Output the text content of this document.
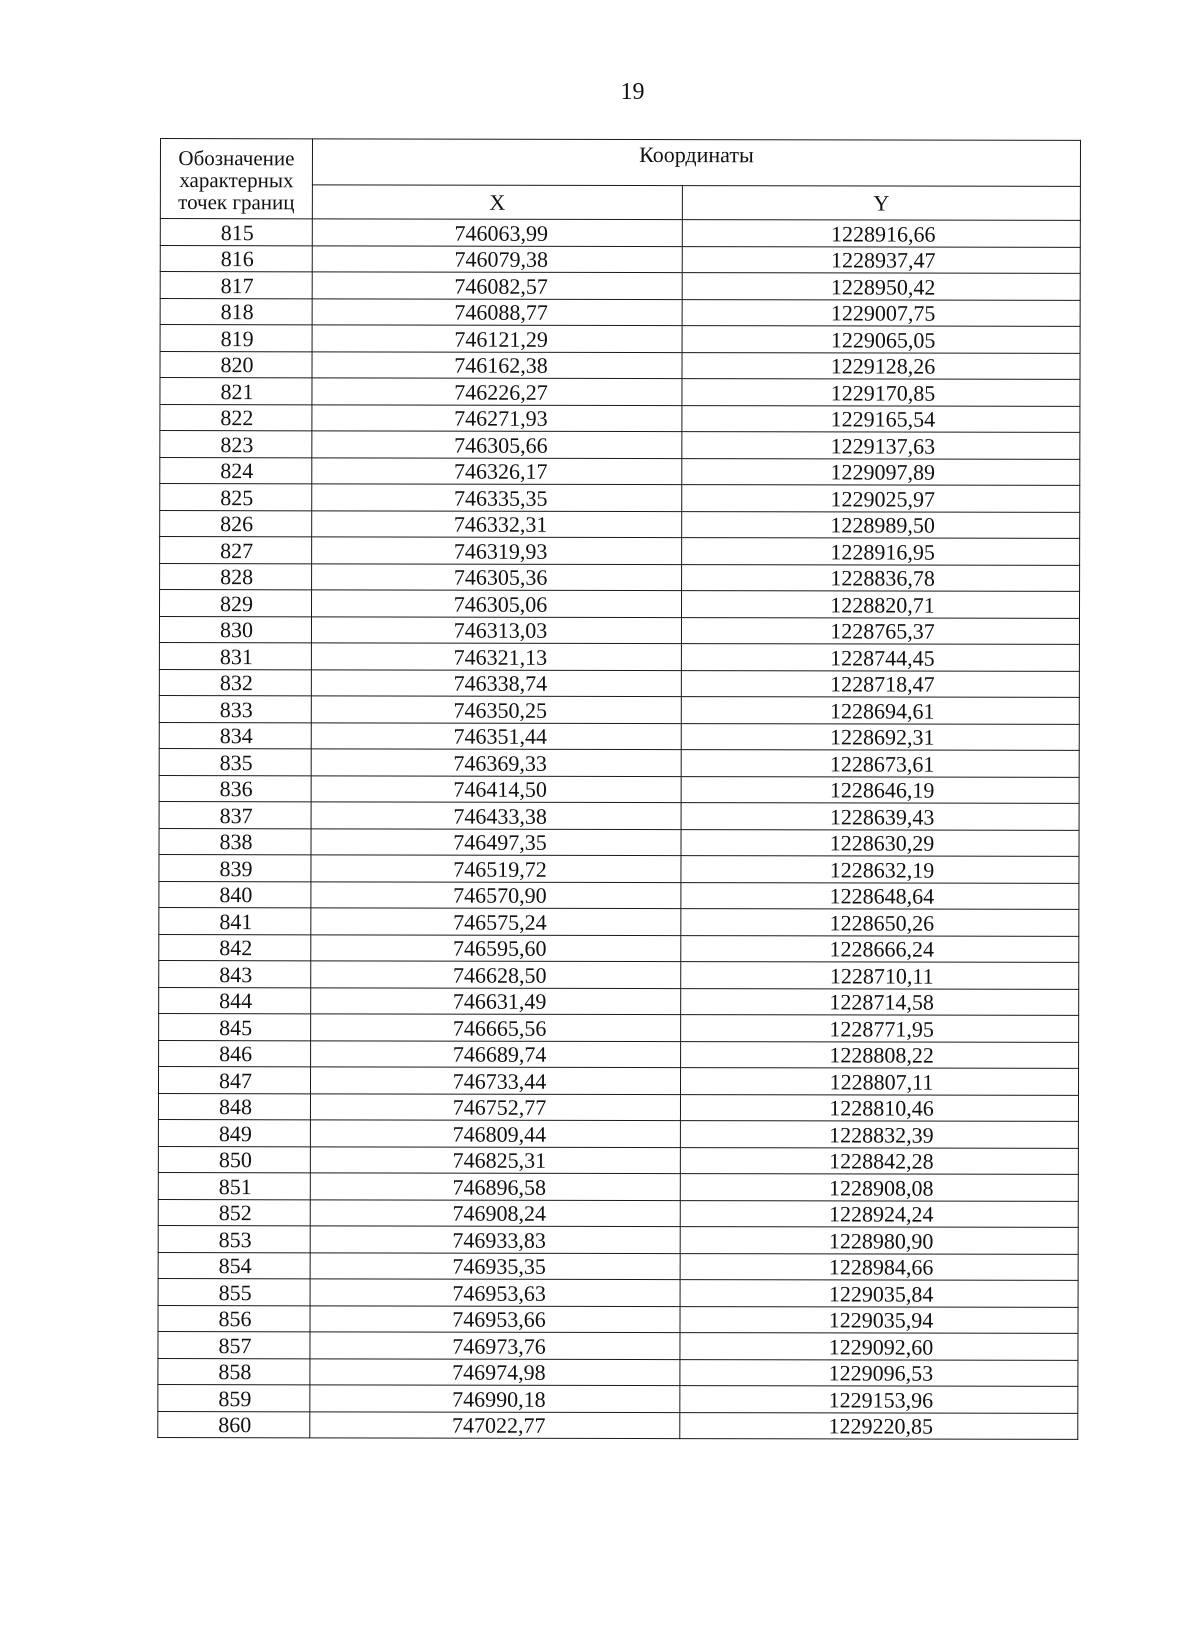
19
Обозначение характерных точек границ	Координаты	
	X	Y
815	746063,99	1228916,66
816	746079,38	1228937,47
817	746082,57	1228950,42
818	746088,77	1229007,75
819	746121,29	1229065,05
820	746162,38	1229128,26
821	746226,27	1229170,85
822	746271,93	1229165,54
823	746305,66	1229137,63
824	746326,17	1229097,89
825	746335,35	1229025,97
826	746332,31	1228989,50
827	746319,93	1228916,95
828	746305,36	1228836,78
829	746305,06	1228820,71
830	746313,03	1228765,37
831	746321,13	1228744,45
832	746338,74	1228718,47
833	746350,25	1228694,61
834	746351,44	1228692,31
835	746369,33	1228673,61
836	746414,50	1228646,19
837	746433,38	1228639,43
838	746497,35	1228630,29
839	746519,72	1228632,19
840	746570,90	1228648,64
841	746575,24	1228650,26
842	746595,60	1228666,24
843	746628,50	1228710,11
844	746631,49	1228714,58
845	746665,56	1228771,95
846	746689,74	1228808,22
847	746733,44	1228807,11
848	746752,77	1228810,46
849	746809,44	1228832,39
850	746825,31	1228842,28
851	746896,58	1228908,08
852	746908,24	1228924,24
853	746933,83	1228980,90
854	746935,35	1228984,66
855	746953,63	1229035,84
856	746953,66	1229035,94
857	746973,76	1229092,60
858	746974,98	1229096,53
859	746990,18	1229153,96
860	747022,77	1229220,85
